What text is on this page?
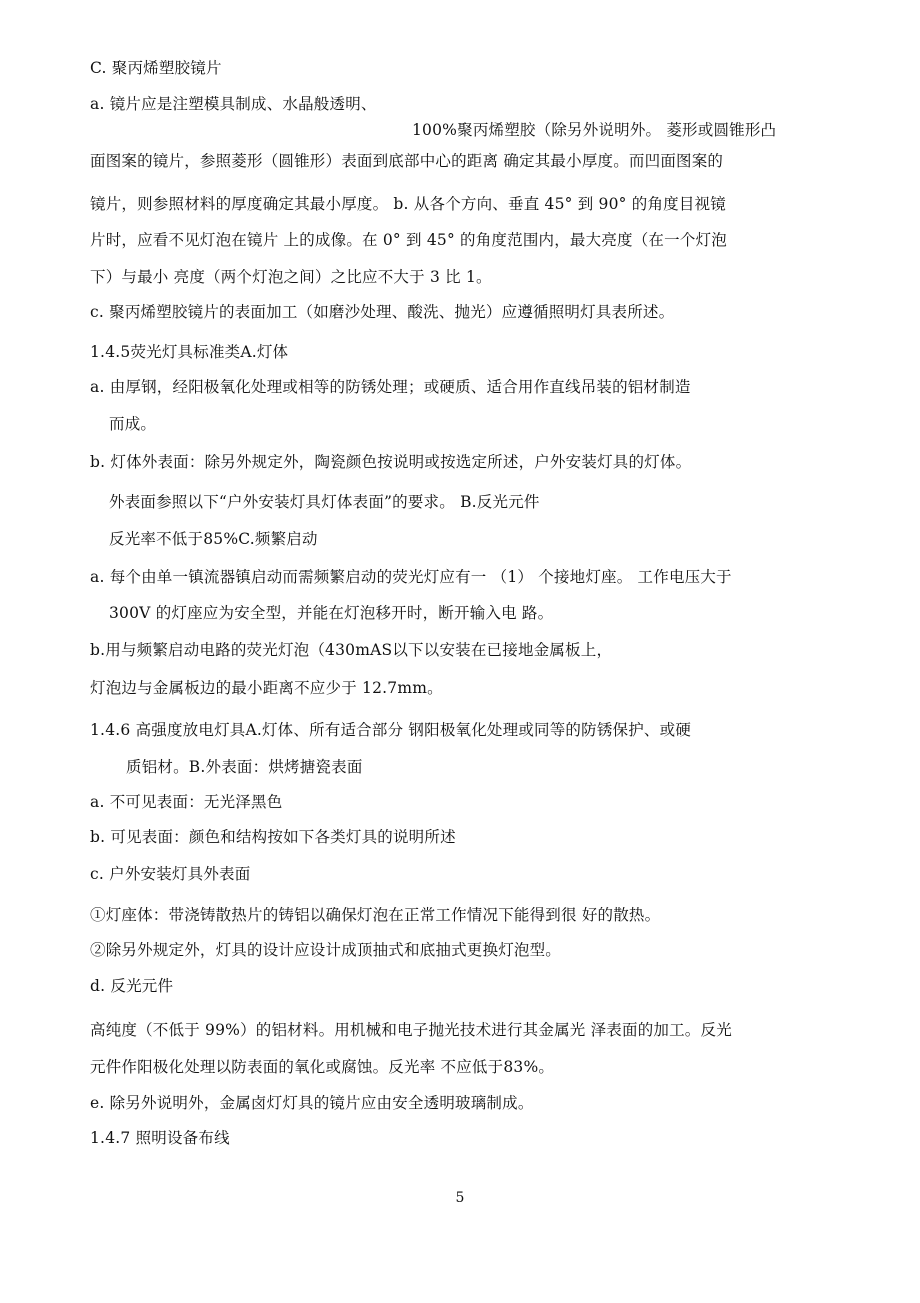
C. 聚丙烯塑胶镜片
a. 镜片应是注塑模具制成、水晶般透明、
100%聚丙烯塑胶（除另外说明外。 菱形或圆锥形凸
面图案的镜片，参照菱形（圆锥形）表面到底部中心的距离 确定其最小厚度。而凹面图案的
镜片，则参照材料的厚度确定其最小厚度。 b. 从各个方向、垂直 45° 到 90° 的角度目视镜
片时，应看不见灯泡在镜片 上的成像。在 0° 到 45° 的角度范围内，最大亮度（在一个灯泡
下）与最小 亮度（两个灯泡之间）之比应不大于 3 比 1。
c. 聚丙烯塑胶镜片的表面加工（如磨沙处理、酸洗、抛光）应遵循照明灯具表所述。
1.4.5荧光灯具标准类A.灯体
a. 由厚钢，经阳极氧化处理或相等的防锈处理；或硬质、适合用作直线吊装的铝材制造
而成。
b. 灯体外表面：除另外规定外，陶瓷颜色按说明或按选定所述，户外安装灯具的灯体。
外表面参照以下“户外安装灯具灯体表面”的要求。 B.反光元件
反光率不低于85%C.频繁启动
a. 每个由单一镇流器镇启动而需频繁启动的荧光灯应有一 （1） 个接地灯座。 工作电压大于
300V 的灯座应为安全型，并能在灯泡移开时，断开输入电 路。
b.用与频繁启动电路的荧光灯泡（430mAS以下以安装在已接地金属板上，
灯泡边与金属板边的最小距离不应少于 12.7mm。
1.4.6 高强度放电灯具A.灯体、所有适合部分 钢阳极氧化处理或同等的防锈保护、或硬
质铝材。B.外表面：烘烤搪瓷表面
a. 不可见表面：无光泽黑色
b. 可见表面：颜色和结构按如下各类灯具的说明所述
c. 户外安装灯具外表面
①灯座体：带浇铸散热片的铸铝以确保灯泡在正常工作情况下能得到很 好的散热。
②除另外规定外，灯具的设计应设计成顶抽式和底抽式更换灯泡型。
d. 反光元件
高纯度（不低于 99%）的铝材料。用机械和电子抛光技术进行其金属光 泽表面的加工。反光
元件作阳极化处理以防表面的氧化或腐蚀。反光率 不应低于83%。
e. 除另外说明外，金属卤灯灯具的镜片应由安全透明玻璃制成。
1.4.7 照明设备布线
5
